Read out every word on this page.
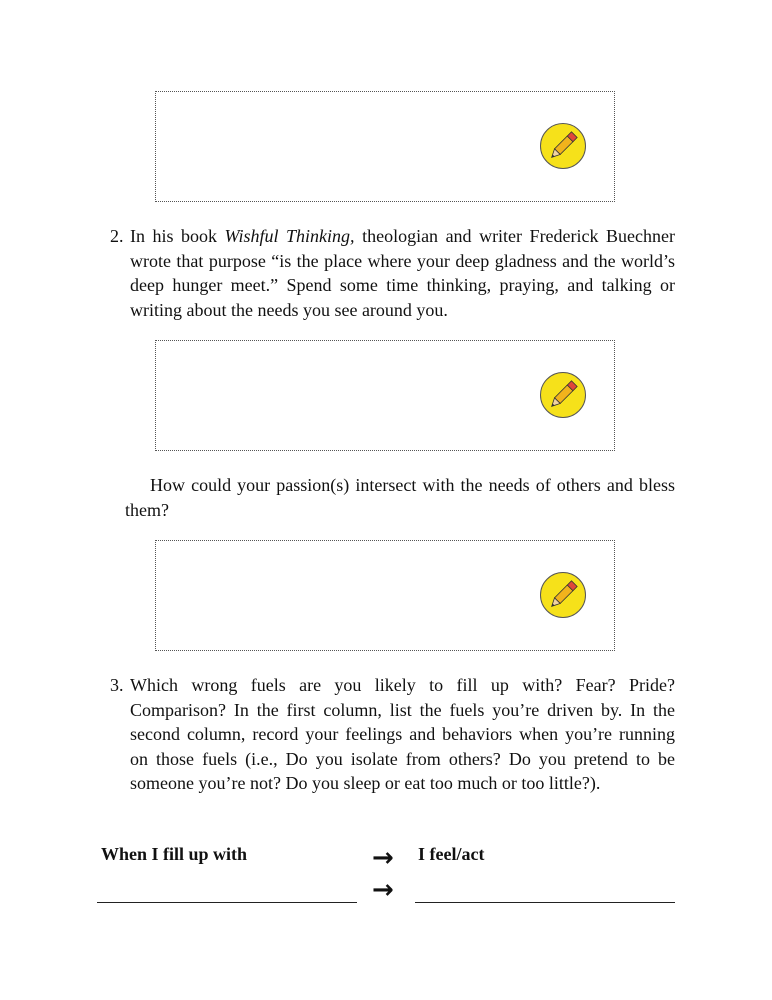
2. In his book Wishful Thinking, theologian and writer Frederick Buechner wrote that purpose “is the place where your deep gladness and the world’s deep hunger meet.” Spend some time thinking, praying, and talking or writing about the needs you see around you.
How could your passion(s) intersect with the needs of others and bless them?
3. Which wrong fuels are you likely to fill up with? Fear? Pride? Comparison? In the first column, list the fuels you’re driven by. In the second column, record your feelings and behaviors when you’re running on those fuels (i.e., Do you isolate from others? Do you pretend to be someone you’re not? Do you sleep or eat too much or too little?).
When I fill up with	→ I feel/act
→
